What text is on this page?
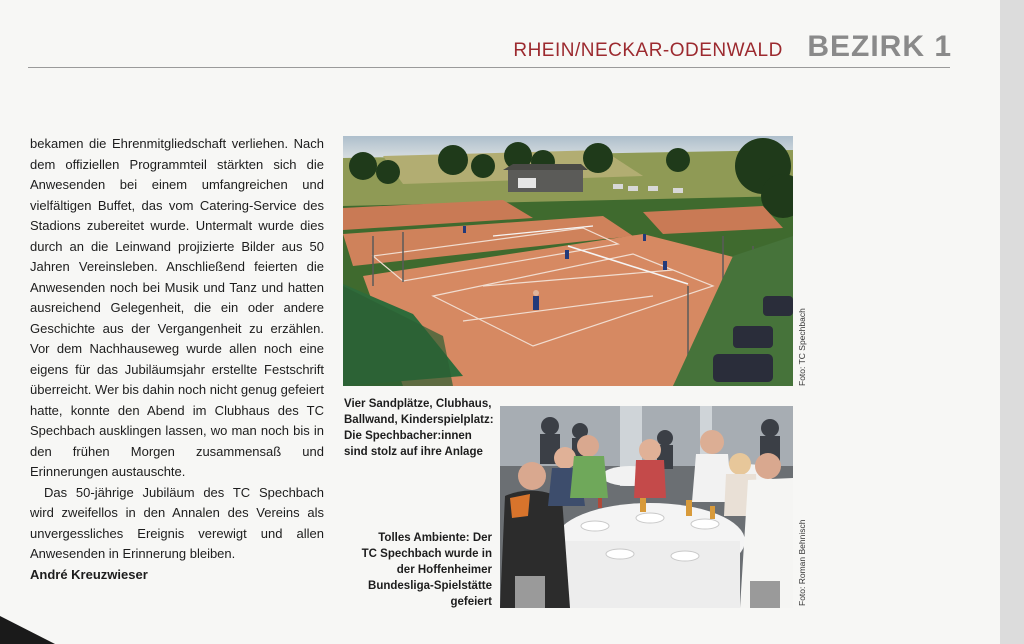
RHEIN/NECKAR-ODENWALD BEZIRK 1

bekamen die Ehrenmitgliedschaft verliehen. Nach dem offiziellen Programmteil stärkten sich die Anwesenden bei einem umfangreichen und vielfältigen Buffet, das vom Catering-Service des Stadions zubereitet wurde. Untermalt wurde dies durch an die Leinwand projizierte Bilder aus 50 Jahren Vereinsleben. Anschließend feierten die Anwesenden noch bei Musik und Tanz und hatten ausreichend Gelegenheit, die ein oder andere Geschichte aus der Vergangenheit zu erzählen. Vor dem Nachhauseweg wurde allen noch eine eigens für das Jubiläumsjahr erstellte Festschrift überreicht. Wer bis dahin noch nicht genug gefeiert hatte, konnte den Abend im Clubhaus des TC Spechbach ausklingen lassen, wo man noch bis in den frühen Morgen zusammensaß und Erinnerungen austauschte.

Das 50-jährige Jubiläum des TC Spechbach wird zweifellos in den Annalen des Vereins als unvergessliches Ereignis verewigt und allen Anwesenden in Erinnerung bleiben.

André Kreuzwieser

Foto: TC Spechbach
Vier Sandplätze, Clubhaus, Ballwand, Kinderspielplatz: Die Spechbacher:innen sind stolz auf ihre Anlage
Foto: Roman Behnisch
Tolles Ambiente: Der TC Spechbach wurde in der Hoffenheimer Bundesliga-Spielstätte gefeiert
